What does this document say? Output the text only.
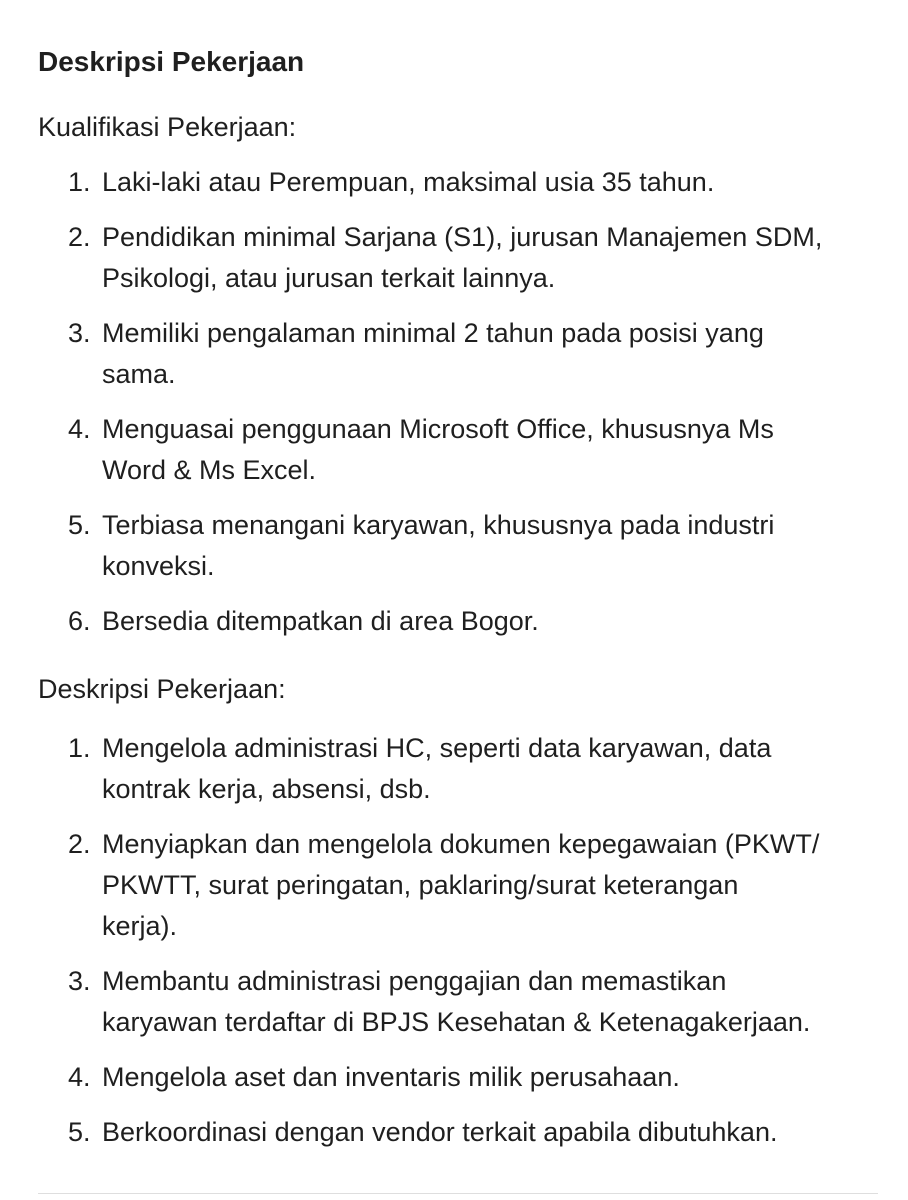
Deskripsi Pekerjaan
Kualifikasi Pekerjaan:
1. Laki-laki atau Perempuan, maksimal usia 35 tahun.
2. Pendidikan minimal Sarjana (S1), jurusan Manajemen SDM,
Psikologi, atau jurusan terkait lainnya.
3. Memiliki pengalaman minimal 2 tahun pada posisi yang
sama.
4. Menguasai penggunaan Microsoft Office, khususnya Ms
Word & Ms Excel.
5. Terbiasa menangani karyawan, khususnya pada industri
konveksi.
6. Bersedia ditempatkan di area Bogor.
Deskripsi Pekerjaan:
1. Mengelola administrasi HC, seperti data karyawan, data
kontrak kerja, absensi, dsb.
2. Menyiapkan dan mengelola dokumen kepegawaian (PKWT/
PKWTT, surat peringatan, paklaring/surat keterangan
kerja).
3. Membantu administrasi penggajian dan memastikan
karyawan terdaftar di BPJS Kesehatan & Ketenagakerjaan.
4. Mengelola aset dan inventaris milik perusahaan.
5. Berkoordinasi dengan vendor terkait apabila dibutuhkan.
